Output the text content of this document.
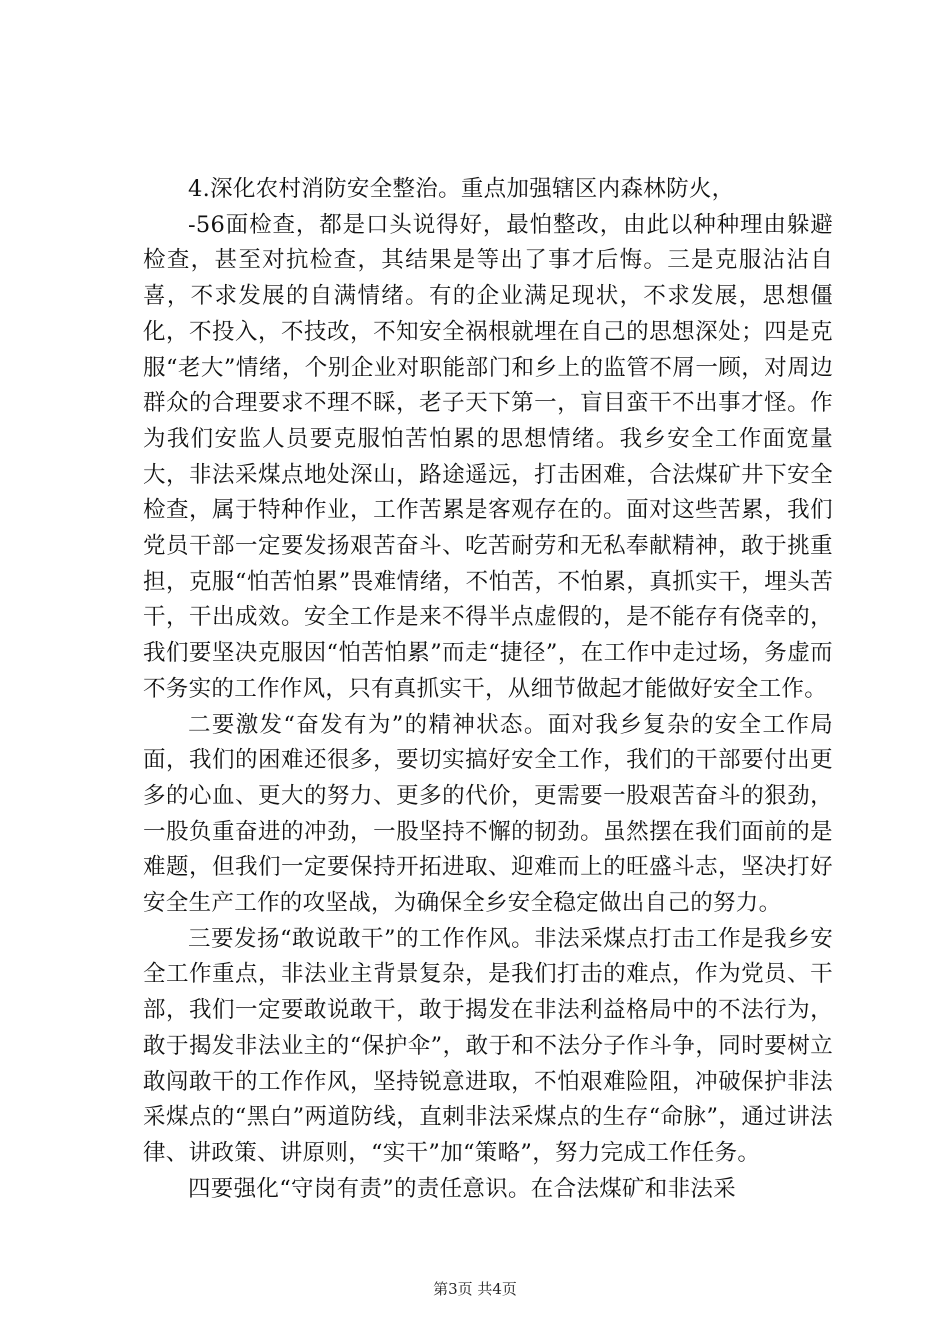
4.深化农村消防安全整治。重点加强辖区内森林防火，

-56面检查，都是口头说得好，最怕整改，由此以种种理由躲避检查，甚至对抗检查，其结果是等出了事才后悔。三是克服沾沾自喜，不求发展的自满情绪。有的企业满足现状，不求发展，思想僵化，不投入，不技改，不知安全祸根就埋在自己的思想深处；四是克服“老大”情绪，个别企业对职能部门和乡上的监管不屑一顾，对周边群众的合理要求不理不睬，老子天下第一，盲目蛮干不出事才怪。作为我们安监人员要克服怕苦怕累的思想情绪。我乡安全工作面宽量大，非法采煤点地处深山，路途遥远，打击困难，合法煤矿井下安全检查，属于特种作业，工作苦累是客观存在的。面对这些苦累，我们党员干部一定要发扬艰苦奋斗、吃苦耐劳和无私奉献精神，敢于挑重担，克服“怕苦怕累”畏难情绪，不怕苦，不怕累，真抓实干，埋头苦干，干出成效。安全工作是来不得半点虚假的，是不能存有侥幸的，我们要坚决克服因“怕苦怕累”而走“捷径”，在工作中走过场，务虚而不务实的工作作风，只有真抓实干，从细节做起才能做好安全工作。

二要激发“奋发有为”的精神状态。面对我乡复杂的安全工作局面，我们的困难还很多，要切实搞好安全工作，我们的干部要付出更多的心血、更大的努力、更多的代价，更需要一股艰苦奋斗的狠劲，一股负重奋进的冲劲，一股坚持不懈的韧劲。虽然摆在我们面前的是难题，但我们一定要保持开拓进取、迎难而上的旺盛斗志，坚决打好安全生产工作的攻坚战，为确保全乡安全稳定做出自己的努力。

三要发扬“敢说敢干”的工作作风。非法采煤点打击工作是我乡安全工作重点，非法业主背景复杂，是我们打击的难点，作为党员、干部，我们一定要敢说敢干，敢于揭发在非法利益格局中的不法行为，敢于揭发非法业主的“保护伞”，敢于和不法分子作斗争，同时要树立敢闯敢干的工作作风，坚持锐意进取，不怕艰难险阻，冲破保护非法采煤点的“黑白”两道防线，直刺非法采煤点的生存“命脉”，通过讲法律、讲政策、讲原则，“实干”加“策略”，努力完成工作任务。

四要强化“守岗有责”的责任意识。在合法煤矿和非法采

第3页 共4页
